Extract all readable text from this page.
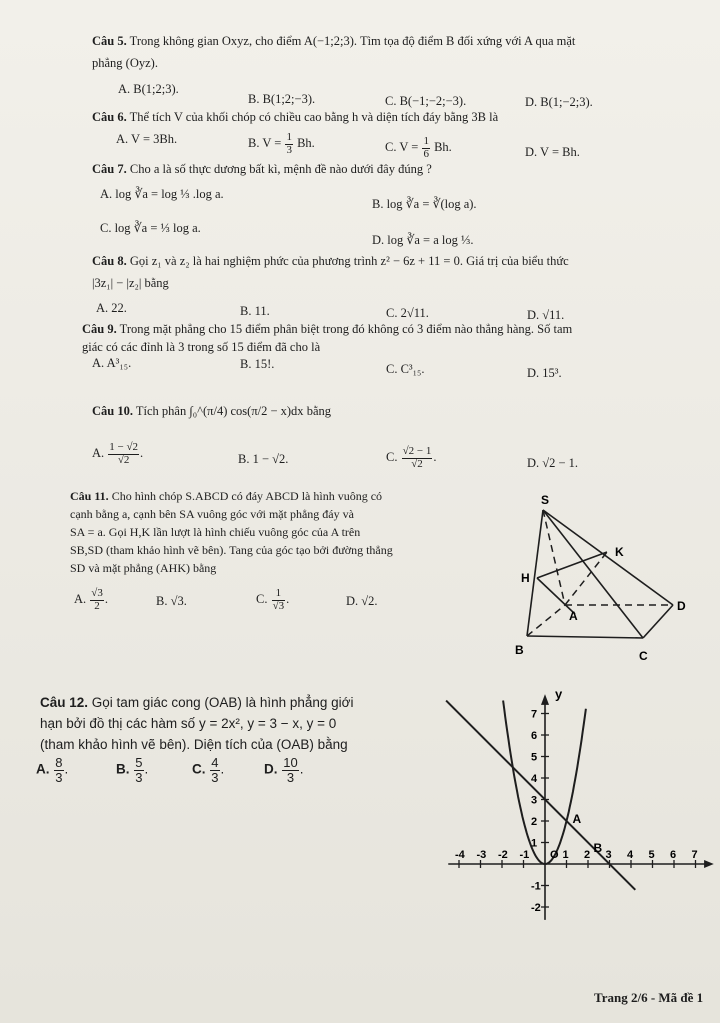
Câu 5. Trong không gian Oxyz, cho điểm A(−1;2;3). Tìm tọa độ điểm B đối xứng với A qua mặt
phẳng (Oyz).
A. B(1;2;3).
B. B(1;2;−3).	C. B(−1;−2;−3).	D. B(1;−2;3).
Câu 6. Thể tích V của khối chóp có chiều cao bằng h và diện tích đáy bằng 3B là
A. V = 3Bh.	B. $V = \frac{1}{3} Bh$.	C. $V = \frac{1}{6} Bh$.	D. V = Bh.
Câu 7. Cho a là số thực dương bất kì, mệnh đề nào dưới đây đúng ?
A. log ∛a = log ⅓ .log a.
B. log ∛a = ∛(log a).
C. log ∛a = ⅓ log a.
D. log ∛a = a log ⅓.
Câu 8. Gọi z₁ và z₂ là hai nghiệm phức của phương trình z² − 6z + 11 = 0. Giá trị của biểu thức
|3z₁| − |z₂| bằng
A. 22.	B. 11.	C. 2√11.	D. √11.
Câu 9. Trong mặt phẳng cho 15 điểm phân biệt trong đó không có 3 điểm nào thẳng hàng. Số tam
giác có các đỉnh là 3 trong số 15 điểm đã cho là
A. A³₁₅.	B. 15!.	C. C³₁₅.	D. 15³.
Câu 10. Tích phân ∫₀^(π/4) cos(π/2 − x)dx bằng
A. $\frac{1 - √2}{√2}$ .	B. 1 − √2.	C. $\frac{√2 - 1}{√2}$ .	D. √2 − 1.
Câu 11. Cho hình chóp S.ABCD có đáy ABCD là hình vuông có
cạnh bằng a, cạnh bên SA vuông góc với mặt phẳng đáy và
SA = a. Gọi H,K lần lượt là hình chiếu vuông góc của A trên
SB,SD (tham khảo hình vẽ bên). Tang của góc tạo bởi đường thẳng
SD và mặt phẳng (AHK) bằng
A. $\frac{√3}{2}$ .	B. √3.	C. $\frac{1}{√3}$ .	D. √2.
S
K
H
A
D
B	C
Câu 12. Gọi tam giác cong (OAB) là hình phẳng giới
hạn bởi đồ thị các hàm số y = 2x², y = 3 − x, y = 0
(tham khảo hình vẽ bên). Diện tích của (OAB) bằng
A. $\frac{8}{3}$ .	B. $\frac{5}{3}$ .	C. $\frac{4}{3}$ .	D. $\frac{10}{3}$ .
-4 -3 -2 -1 O 1 2 3 4 5 6 7
7
6
5
4
3
2
1
-1
-2
y
A
B
Trang 2/6 - Mã đề 1
